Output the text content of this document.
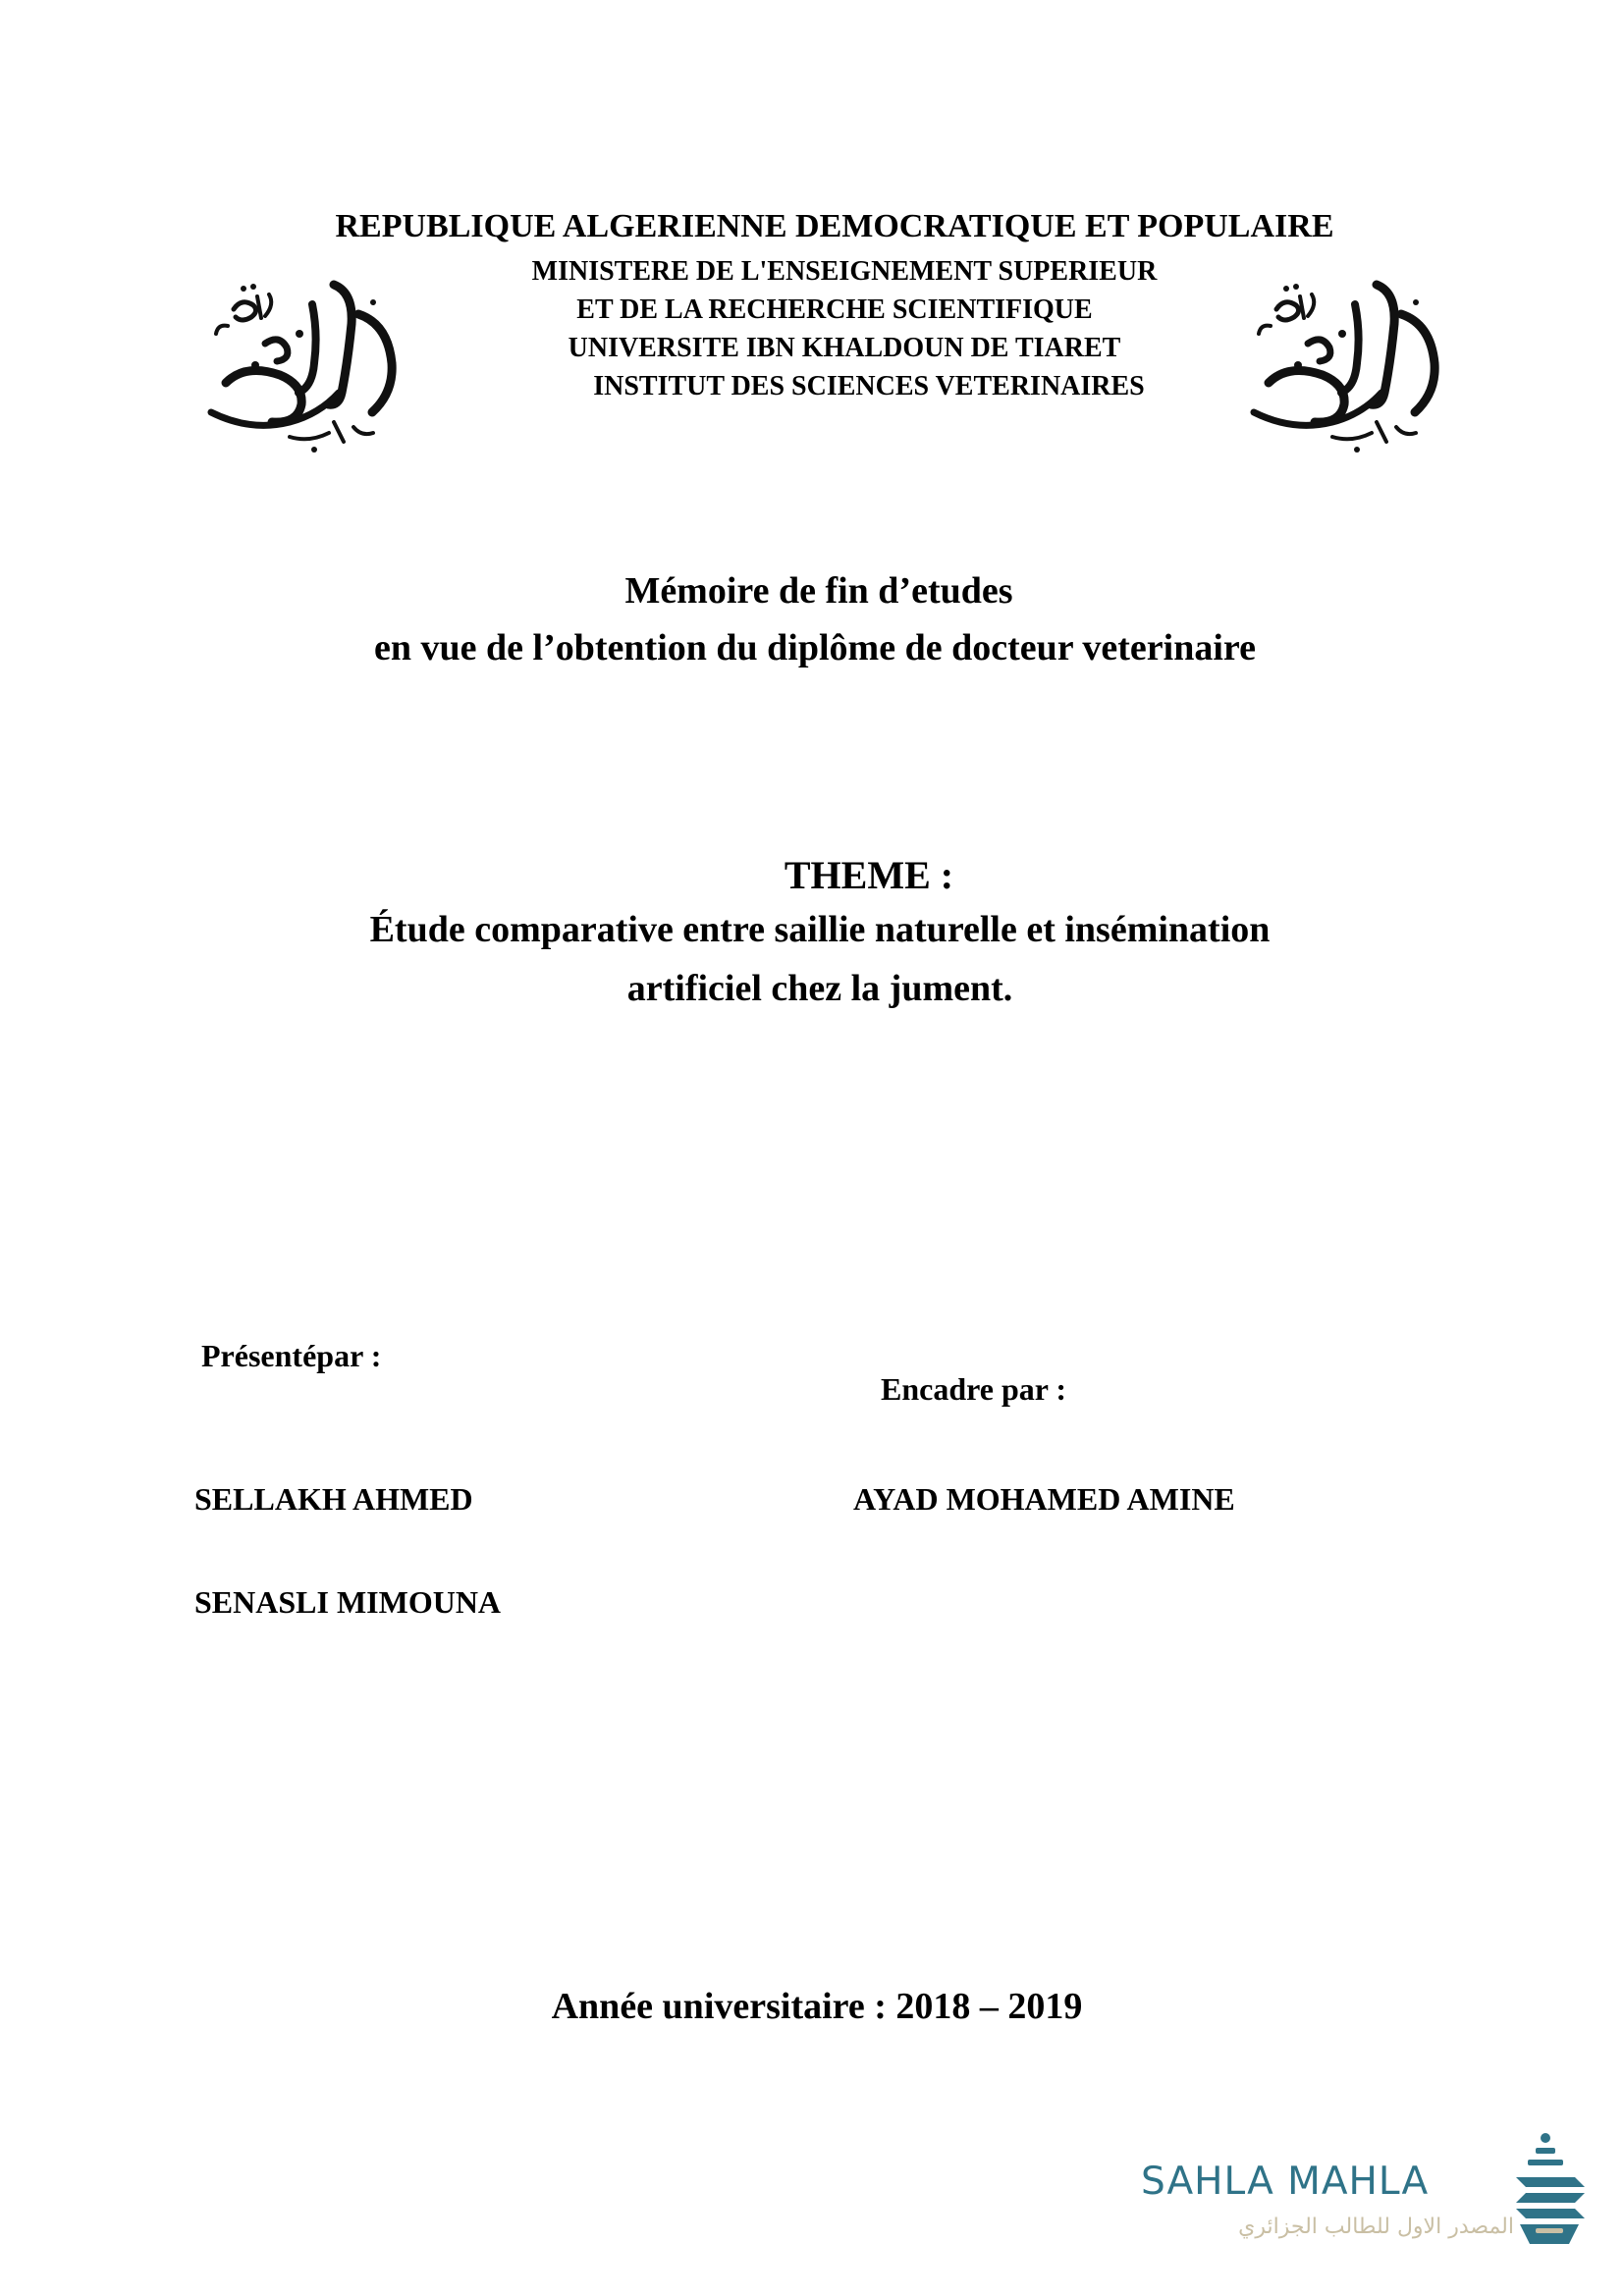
REPUBLIQUE ALGERIENNE DEMOCRATIQUE ET POPULAIRE
MINISTERE DE L'ENSEIGNEMENT SUPERIEUR
ET DE LA RECHERCHE SCIENTIFIQUE
UNIVERSITE IBN KHALDOUN DE TIARET
INSTITUT DES SCIENCES VETERINAIRES
Mémoire de fin d’etudes
en vue de l’obtention du diplôme de docteur veterinaire
THEME :
Étude comparative entre saillie naturelle et insémination
artificiel chez la jument.
Présentépar :
Encadre par :
SELLAKH AHMED	AYAD MOHAMED AMINE
SENASLI MIMOUNA
Année universitaire : 2018 – 2019
SAHLA MAHLA
المصدر الاول للطالب الجزائري
